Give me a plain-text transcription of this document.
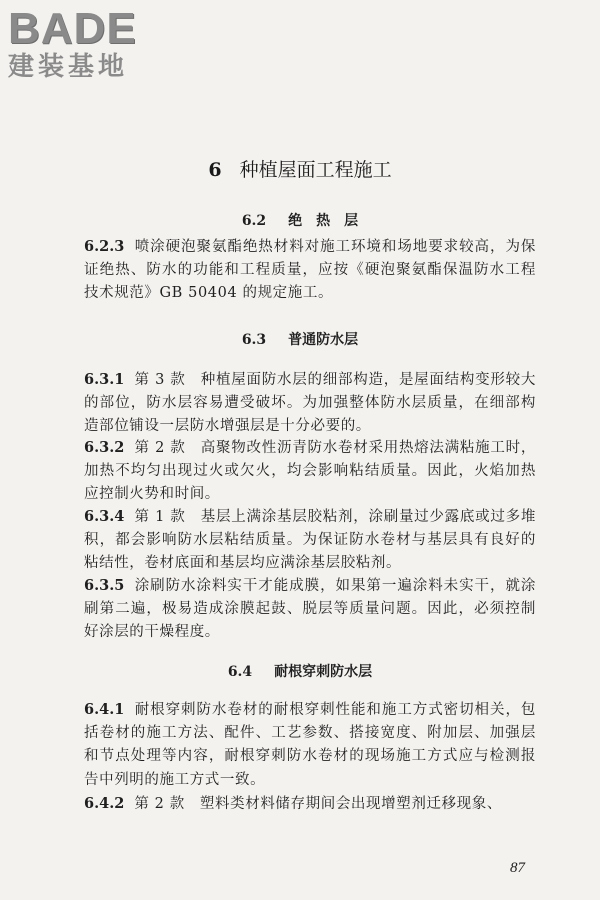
BADE
建装基地
6 种植屋面工程施工
6.2 绝　热　层
6.2.3 喷涂硬泡聚氨酯绝热材料对施工环境和场地要求较高，为保证绝热、防水的功能和工程质量，应按《硬泡聚氨酯保温防水工程技术规范》GB 50404 的规定施工。
6.3 普通防水层
6.3.1 第 3 款　种植屋面防水层的细部构造，是屋面结构变形较大的部位，防水层容易遭受破坏。为加强整体防水层质量，在细部构造部位铺设一层防水增强层是十分必要的。
6.3.2 第 2 款　高聚物改性沥青防水卷材采用热熔法满粘施工时，加热不均匀出现过火或欠火，均会影响粘结质量。因此，火焰加热应控制火势和时间。
6.3.4 第 1 款　基层上满涂基层胶粘剂，涂刷量过少露底或过多堆积，都会影响防水层粘结质量。为保证防水卷材与基层具有良好的粘结性，卷材底面和基层均应满涂基层胶粘剂。
6.3.5 涂刷防水涂料实干才能成膜，如果第一遍涂料未实干，就涂刷第二遍，极易造成涂膜起鼓、脱层等质量问题。因此，必须控制好涂层的干燥程度。
6.4 耐根穿刺防水层
6.4.1 耐根穿刺防水卷材的耐根穿刺性能和施工方式密切相关，包括卷材的施工方法、配件、工艺参数、搭接宽度、附加层、加强层和节点处理等内容，耐根穿刺防水卷材的现场施工方式应与检测报告中列明的施工方式一致。
6.4.2 第 2 款　塑料类材料储存期间会出现增塑剂迁移现象、
87
